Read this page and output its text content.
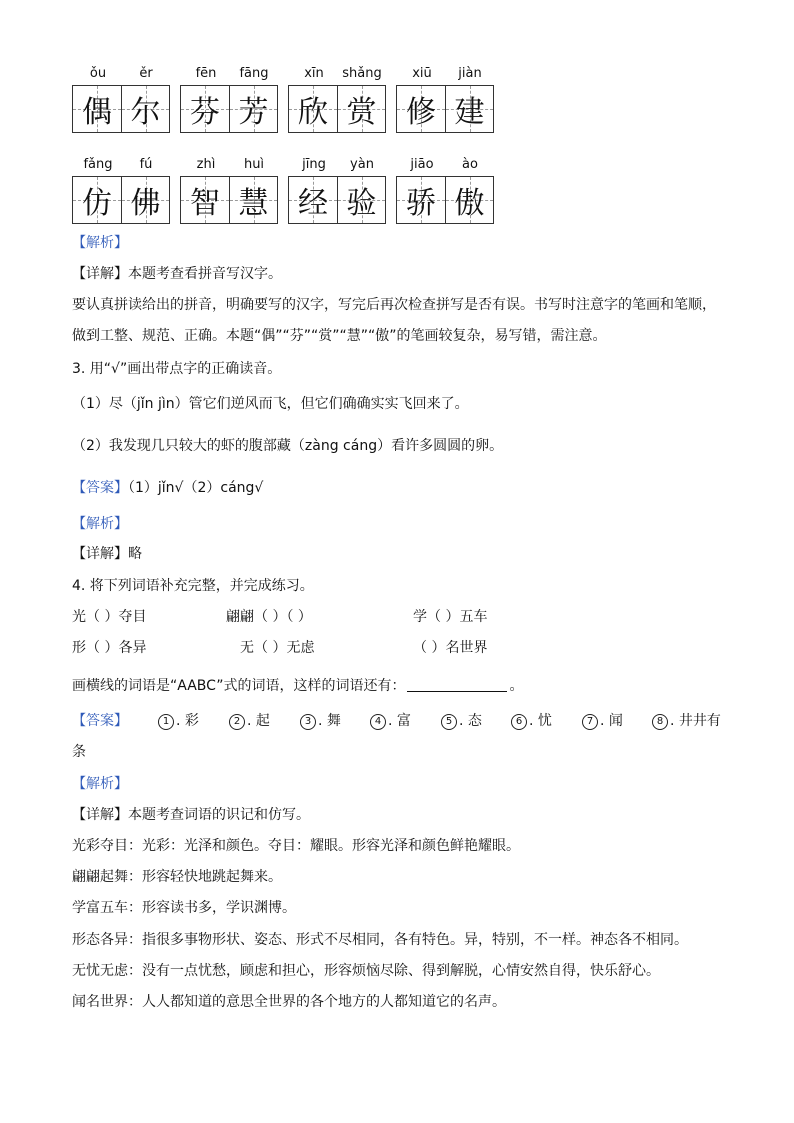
ǒu	ěr	fēn	fāng	xīn	shǎng	xiū	jiàn
偶 尔 芬 芳 欣 赏 修 建
fǎng	fú	zhì	huì	jīng	yàn	jiāo	ào
仿 佛 智 慧 经 验 骄 傲
【解析】
【详解】本题考查看拼音写汉字。
要认真拼读给出的拼音，明确要写的汉字，写完后再次检查拼写是否有误。书写时注意字的笔画和笔顺，
做到工整、规范、正确。本题“偶”“芬”“赏”“慧”“傲”的笔画较复杂，易写错，需注意。
3. 用“√”画出带点字的正确读音。
（1）尽（jǐn jìn）管它们逆风而飞，但它们确确实实飞回来了。
（2）我发现几只较大的虾的腹部藏（zàng cáng）看许多圆圆的卵。
【答案】（1）jǐn√（2）cáng√
【解析】
【详解】略
4. 将下列词语补充完整，并完成练习。
光（ ）夺目	翩翩（ ）（ ）	学（ ）五车
形（ ）各异	无（ ）无虑	（ ）名世界
画横线的词语是“AABC”式的词语，这样的词语还有：	。
【答案】	1 . 彩	2 . 起	3 . 舞	4 . 富	5 . 态	6 . 忧	7 . 闻	8 . 井井有
条
【解析】
【详解】本题考查词语的识记和仿写。
光彩夺目：光彩：光泽和颜色。夺目：耀眼。形容光泽和颜色鲜艳耀眼。
翩翩起舞：形容轻快地跳起舞来。
学富五车：形容读书多，学识渊博。
形态各异：指很多事物形状、姿态、形式不尽相同，各有特色。异，特别，不一样。神态各不相同。
无忧无虑：没有一点忧愁，顾虑和担心，形容烦恼尽除、得到解脱，心情安然自得，快乐舒心。
闻名世界：人人都知道的意思全世界的各个地方的人都知道它的名声。
